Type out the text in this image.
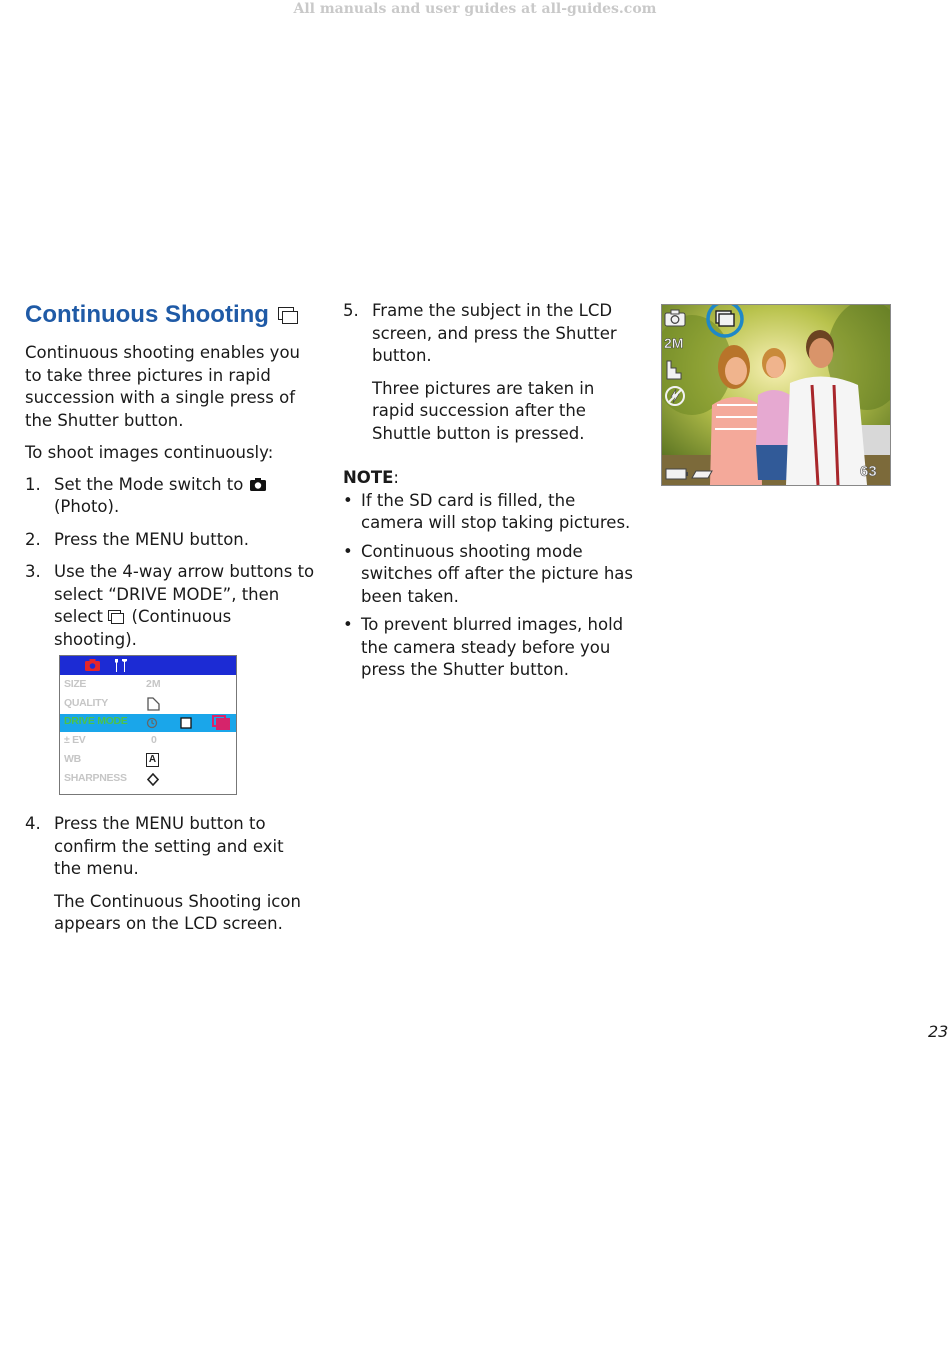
All manuals and user guides at all-guides.com
Continuous Shooting

Continuous shooting enables you to take three pictures in rapid succession with a single press of the Shutter button.

To shoot images continuously:

1. Set the Mode switch to  (Photo).
2. Press the MENU button.
3. Use the 4-way arrow buttons to select “DRIVE MODE”, then select (Continuous shooting).
SIZE	2M
QUALITY
DRIVE MODE
± EV	0
WB	A
SHARPNESS
4. Press the MENU button to confirm the setting and exit the menu.

The Continuous Shooting icon appears on the LCD screen.

5. Frame the subject in the LCD screen, and press the Shutter button.

Three pictures are taken in rapid succession after the Shuttle button is pressed.

NOTE:

• If the SD card is filled, the camera will stop taking pictures.
• Continuous shooting mode switches off after the picture has been taken.
• To prevent blurred images, hold the camera steady before you press the Shutter button.
2M
63
23
